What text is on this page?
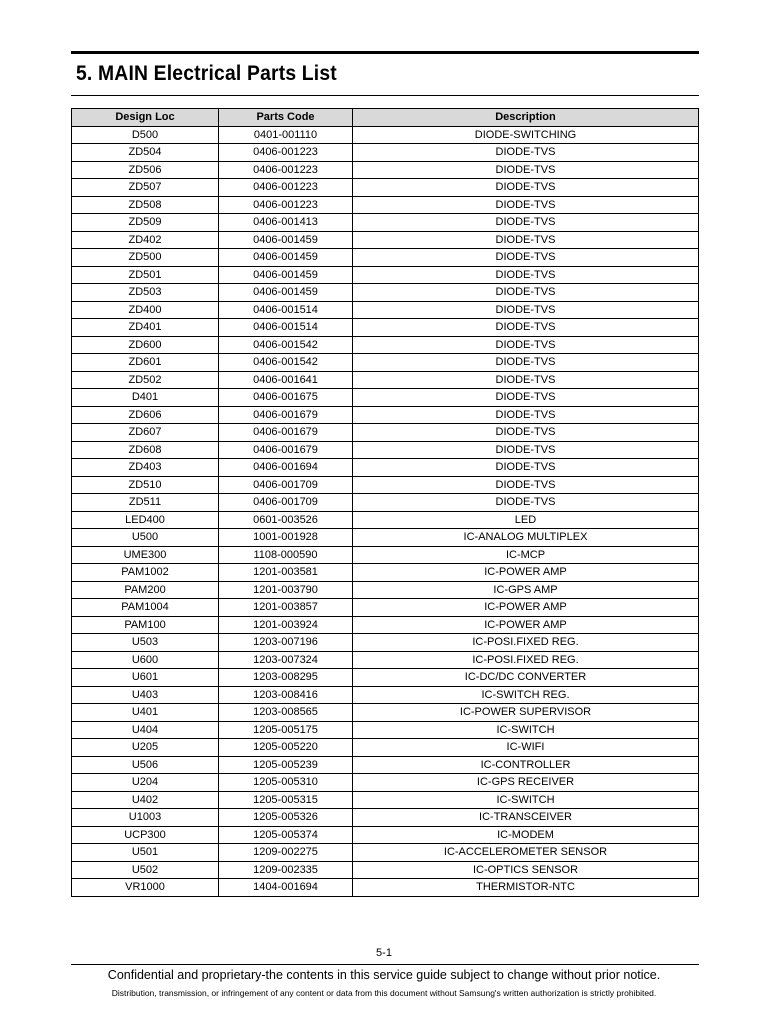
5. MAIN Electrical Parts List
Design Loc	Parts Code	Description
D500	0401-001110	DIODE-SWITCHING
ZD504	0406-001223	DIODE-TVS
ZD506	0406-001223	DIODE-TVS
ZD507	0406-001223	DIODE-TVS
ZD508	0406-001223	DIODE-TVS
ZD509	0406-001413	DIODE-TVS
ZD402	0406-001459	DIODE-TVS
ZD500	0406-001459	DIODE-TVS
ZD501	0406-001459	DIODE-TVS
ZD503	0406-001459	DIODE-TVS
ZD400	0406-001514	DIODE-TVS
ZD401	0406-001514	DIODE-TVS
ZD600	0406-001542	DIODE-TVS
ZD601	0406-001542	DIODE-TVS
ZD502	0406-001641	DIODE-TVS
D401	0406-001675	DIODE-TVS
ZD606	0406-001679	DIODE-TVS
ZD607	0406-001679	DIODE-TVS
ZD608	0406-001679	DIODE-TVS
ZD403	0406-001694	DIODE-TVS
ZD510	0406-001709	DIODE-TVS
ZD511	0406-001709	DIODE-TVS
LED400	0601-003526	LED
U500	1001-001928	IC-ANALOG MULTIPLEX
UME300	1108-000590	IC-MCP
PAM1002	1201-003581	IC-POWER AMP
PAM200	1201-003790	IC-GPS AMP
PAM1004	1201-003857	IC-POWER AMP
PAM100	1201-003924	IC-POWER AMP
U503	1203-007196	IC-POSI.FIXED REG.
U600	1203-007324	IC-POSI.FIXED REG.
U601	1203-008295	IC-DC/DC CONVERTER
U403	1203-008416	IC-SWITCH REG.
U401	1203-008565	IC-POWER SUPERVISOR
U404	1205-005175	IC-SWITCH
U205	1205-005220	IC-WIFI
U506	1205-005239	IC-CONTROLLER
U204	1205-005310	IC-GPS RECEIVER
U402	1205-005315	IC-SWITCH
U1003	1205-005326	IC-TRANSCEIVER
UCP300	1205-005374	IC-MODEM
U501	1209-002275	IC-ACCELEROMETER SENSOR
U502	1209-002335	IC-OPTICS SENSOR
VR1000	1404-001694	THERMISTOR-NTC
5-1
Confidential and proprietary-the contents in this service guide subject to change without prior notice.
Distribution, transmission, or infringement of any content or data from this document without Samsung's written authorization is strictly prohibited.
